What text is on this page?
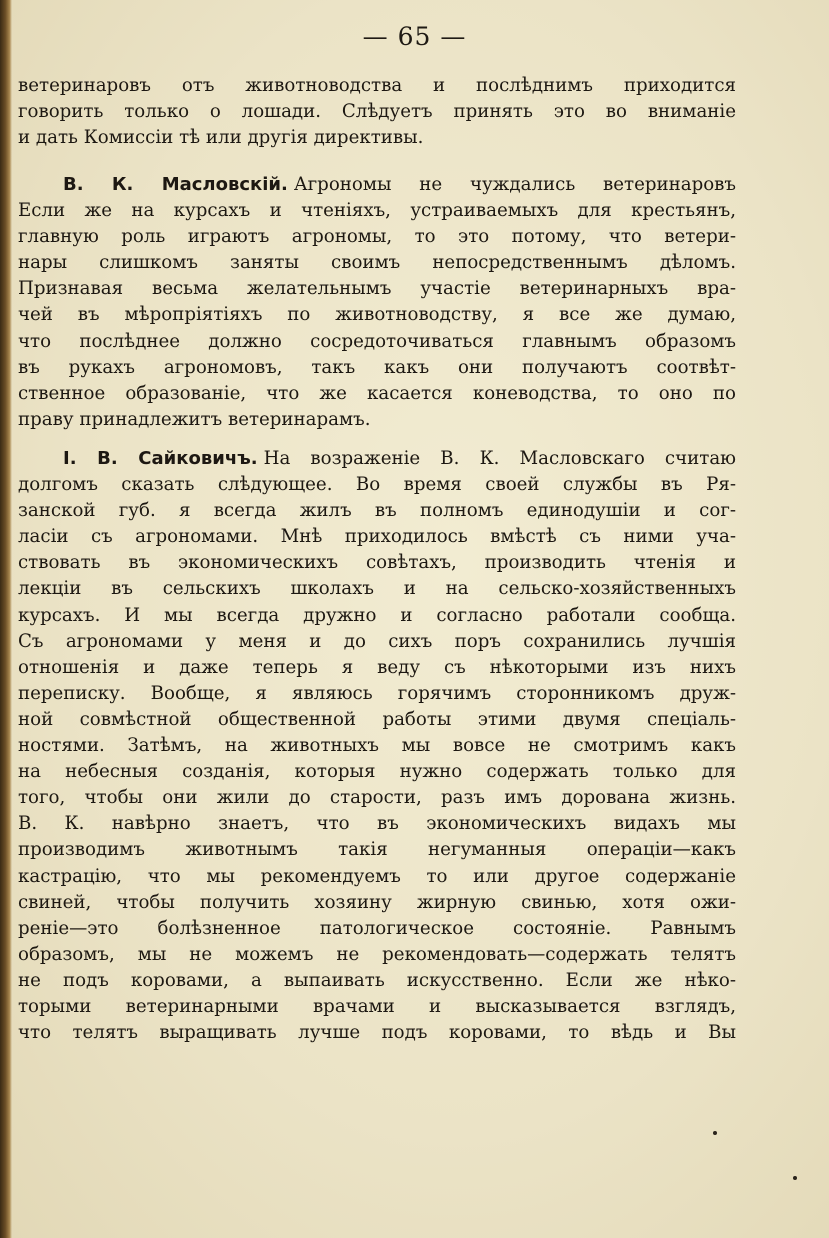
— 65 —
ветеринаровъ отъ животноводства и послѣднимъ приходится
говорить только о лошади. Слѣдуетъ принять это во вниманіе
и дать Комиссіи тѣ или другія директивы.
В. К. Масловскій. Агрономы не чуждались ветеринаровъ
Если же на курсахъ и чтеніяхъ, устраиваемыхъ для крестьянъ,
главную роль играютъ агрономы, то это потому, что ветери-
нары слишкомъ заняты своимъ непосредственнымъ дѣломъ.
Признавая весьма желательнымъ участіе ветеринарныхъ вра-
чей въ мѣропріятіяхъ по животноводству, я все же думаю,
что послѣднее должно сосредоточиваться главнымъ образомъ
въ рукахъ агрономовъ, такъ какъ они получаютъ соотвѣт-
ственное образованіе, что же касается коневодства, то оно по
праву принадлежитъ ветеринарамъ.
І. В. Сайковичъ. На возраженіе В. К. Масловскаго считаю
долгомъ сказать слѣдующее. Во время своей службы въ Ря-
занской губ. я всегда жилъ въ полномъ единодушіи и сог-
ласіи съ агрономами. Мнѣ приходилось вмѣстѣ съ ними уча-
ствовать въ экономическихъ совѣтахъ, производить чтенія и
лекціи въ сельскихъ школахъ и на сельско-хозяйственныхъ
курсахъ. И мы всегда дружно и согласно работали сообща.
Съ агрономами у меня и до сихъ поръ сохранились лучшія
отношенія и даже теперь я веду съ нѣкоторыми изъ нихъ
переписку. Вообще, я являюсь горячимъ сторонникомъ друж-
ной совмѣстной общественной работы этими двумя спеціаль-
ностями. Затѣмъ, на животныхъ мы вовсе не смотримъ какъ
на небесныя созданія, которыя нужно содержать только для
того, чтобы они жили до старости, разъ имъ дорована жизнь.
В. К. навѣрно знаетъ, что въ экономическихъ видахъ мы
производимъ животнымъ такія негуманныя операціи—какъ
кастрацію, что мы рекомендуемъ то или другое содержаніе
свиней, чтобы получить хозяину жирную свинью, хотя ожи-
реніе—это болѣзненное патологическое состояніе. Равнымъ
образомъ, мы не можемъ не рекомендовать—содержать телятъ
не подъ коровами, а выпаивать искусственно. Если же нѣко-
торыми ветеринарными врачами и высказывается взглядъ,
что телятъ выращивать лучше подъ коровами, то вѣдь и Вы
